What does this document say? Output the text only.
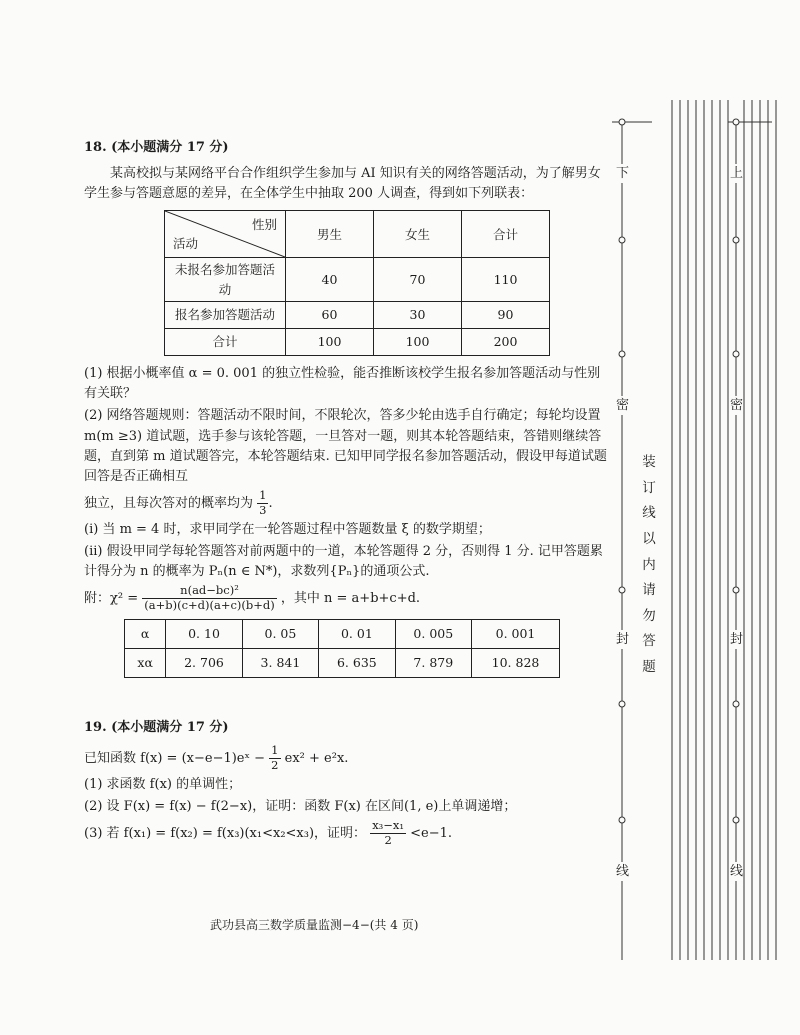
18. (本小题满分 17 分)

某高校拟与某网络平台合作组织学生参加与 AI 知识有关的网络答题活动，为了解男女学生参与答题意愿的差异，在全体学生中抽取 200 人调查，得到如下列联表：

性别
活动	男生	女生	合计
未报名参加答题活动	40	70	110
报名参加答题活动	60	30	90
合计	100	100	200

(1) 根据小概率值 α = 0. 001 的独立性检验，能否推断该校学生报名参加答题活动与性别有关联？

(2) 网络答题规则：答题活动不限时间，不限轮次，答多少轮由选手自行确定；每轮均设置 m(m ≥3) 道试题，选手参与该轮答题，一旦答对一题，则其本轮答题结束，答错则继续答题，直到第 m 道试题答完，本轮答题结束. 已知甲同学报名参加答题活动，假设甲每道试题回答是否正确相互

独立，且每次答对的概率均为 $\frac{1}{3}$ .

(i) 当 m = 4 时，求甲同学在一轮答题过程中答题数量 ξ 的数学期望；

(ii) 假设甲同学每轮答题答对前两题中的一道，本轮答题得 2 分，否则得 1 分. 记甲答题累计得分为 n 的概率为 Pₙ(n ∈ N*)，求数列{Pₙ}的通项公式.

附：$\chi^2 = \frac{\text{n(ad−bc)²}}{(a+b)(c+d)(a+c)(b+d)}$ ，其中 n = a+b+c+d.

α	0. 10	0. 05	0. 01	0. 005	0. 001
xα	2. 706	3. 841	6. 635	7. 879	10. 828

19. (本小题满分 17 分)

已知函数 f(x) = (x−e−1)eˣ − $\frac{1}{2} ex^2 + e^2x$.

(1) 求函数 f(x) 的单调性；

(2) 设 F(x) = f(x) − f(2−x)，证明：函数 F(x) 在区间(1, e)上单调递增；

(3) 若 f(x₁) = f(x₂) = f(x₃)(x₁<x₂<x₃)，证明： $\frac{\text{x₃−x₁}}{2} <e-1$.

武功县高三数学质量监测−4−(共 4 页)
下
密
封
线
上
密
封
线
装订线以内请勿答题
